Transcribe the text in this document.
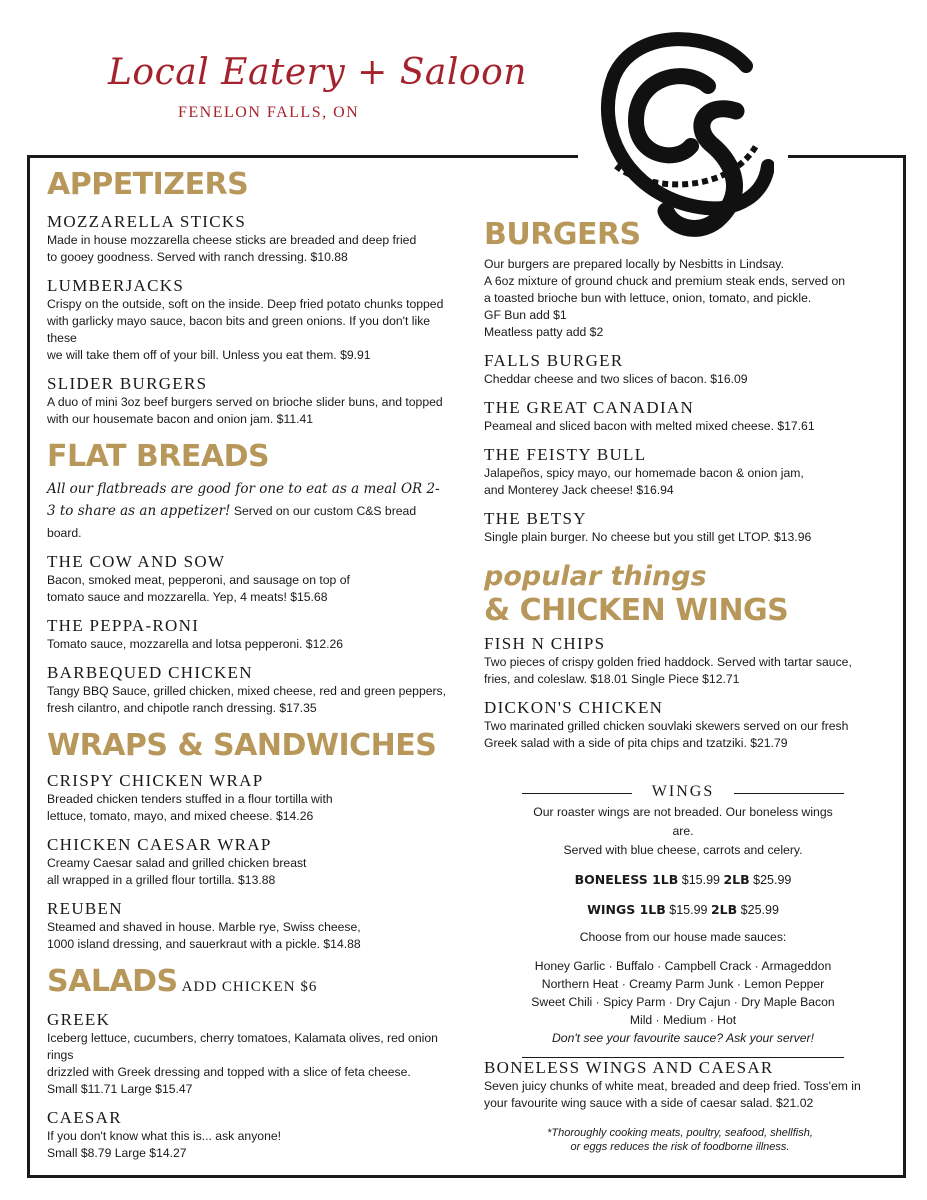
Local Eatery + Saloon
FENELON FALLS, ON
APPETIZERS
MOZZARELLA STICKS
Made in house mozzarella cheese sticks are breaded and deep fried
to gooey goodness. Served with ranch dressing. $10.88
LUMBERJACKS
Crispy on the outside, soft on the inside. Deep fried potato chunks topped
with garlicky mayo sauce, bacon bits and green onions. If you don't like these
we will take them off of your bill. Unless you eat them. $9.91
SLIDER BURGERS
A duo of mini 3oz beef burgers served on brioche slider buns, and topped
with our housemate bacon and onion jam. $11.41
FLAT BREADS
All our flatbreads are good for one to eat as a meal OR 2-3 to share as an appetizer! Served on our custom C&S bread board.
THE COW AND SOW
Bacon, smoked meat, pepperoni, and sausage on top of
tomato sauce and mozzarella. Yep, 4 meats! $15.68
THE PEPPA-RONI
Tomato sauce, mozzarella and lotsa pepperoni. $12.26
BARBEQUED CHICKEN
Tangy BBQ Sauce, grilled chicken, mixed cheese, red and green peppers,
fresh cilantro, and chipotle ranch dressing. $17.35
WRAPS & SANDWICHES
CRISPY CHICKEN WRAP
Breaded chicken tenders stuffed in a flour tortilla with
lettuce, tomato, mayo, and mixed cheese. $14.26
CHICKEN CAESAR WRAP
Creamy Caesar salad and grilled chicken breast
all wrapped in a grilled flour tortilla. $13.88
REUBEN
Steamed and shaved in house. Marble rye, Swiss cheese,
1000 island dressing, and sauerkraut with a pickle. $14.88
SALADS ADD CHICKEN $6
GREEK
Iceberg lettuce, cucumbers, cherry tomatoes, Kalamata olives, red onion rings
drizzled with Greek dressing and topped with a slice of feta cheese.
Small $11.71 Large $15.47
CAESAR
If you don't know what this is... ask anyone!
Small $8.79 Large $14.27
BURGERS
Our burgers are prepared locally by Nesbitts in Lindsay.
A 6oz mixture of ground chuck and premium steak ends, served on
a toasted brioche bun with lettuce, onion, tomato, and pickle.
GF Bun add $1
Meatless patty add $2
FALLS BURGER
Cheddar cheese and two slices of bacon. $16.09
THE GREAT CANADIAN
Peameal and sliced bacon with melted mixed cheese. $17.61
THE FEISTY BULL
Jalapeños, spicy mayo, our homemade bacon & onion jam,
and Monterey Jack cheese! $16.94
THE BETSY
Single plain burger. No cheese but you still get LTOP. $13.96
popular things
& CHICKEN WINGS
FISH N CHIPS
Two pieces of crispy golden fried haddock. Served with tartar sauce,
fries, and coleslaw. $18.01 Single Piece $12.71
DICKON'S CHICKEN
Two marinated grilled chicken souvlaki skewers served on our fresh
Greek salad with a side of pita chips and tzatziki. $21.79
WINGS
Our roaster wings are not breaded. Our boneless wings are.
Served with blue cheese, carrots and celery.
BONELESS 1LB $15.99 2LB $25.99
WINGS 1LB $15.99 2LB $25.99
Choose from our house made sauces:
Honey Garlic · Buffalo · Campbell Crack · Armageddon
Northern Heat · Creamy Parm Junk · Lemon Pepper
Sweet Chili · Spicy Parm · Dry Cajun · Dry Maple Bacon
Mild · Medium · Hot
Don't see your favourite sauce? Ask your server!
BONELESS WINGS AND CAESAR
Seven juicy chunks of white meat, breaded and deep fried. Toss'em in
your favourite wing sauce with a side of caesar salad. $21.02
*Thoroughly cooking meats, poultry, seafood, shellfish,
or eggs reduces the risk of foodborne illness.
